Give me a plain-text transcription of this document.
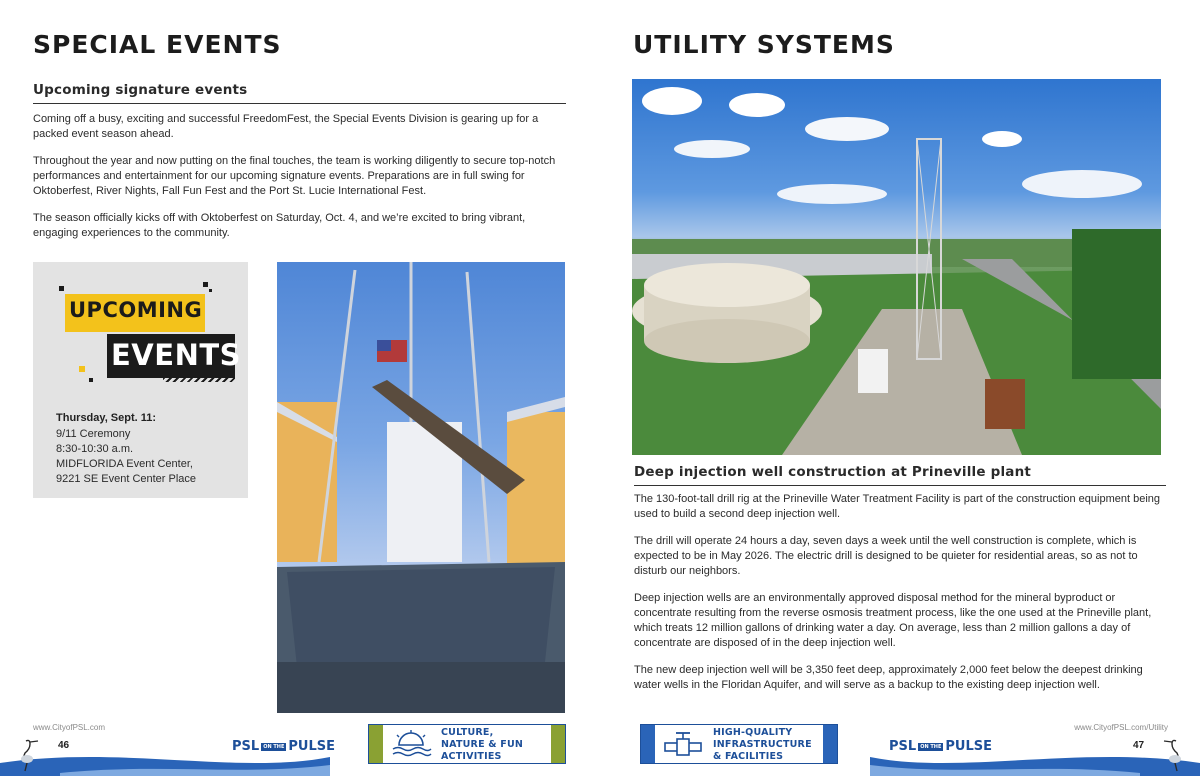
SPECIAL EVENTS
Upcoming signature events

Coming off a busy, exciting and successful FreedomFest, the Special Events Division is gearing up for a packed event season ahead.

Throughout the year and now putting on the final touches, the team is working diligently to secure top-notch performances and entertainment for our upcoming signature events. Preparations are in full swing for Oktoberfest, River Nights, Fall Fun Fest and the Port St. Lucie International Fest.

The season officially kicks off with Oktoberfest on Saturday, Oct. 4, and we’re excited to bring vibrant, engaging experiences to the community.

UPCOMING
EVENTS
Thursday, Sept. 11:
9/11 Ceremony
8:30-10:30 a.m.
MIDFLORIDA Event Center,
9221 SE Event Center Place
www.CityofPSL.com
46	PSL ON THE PULSE
CULTURE,
NATURE & FUN
ACTIVITIES
UTILITY SYSTEMS
Deep injection well construction at Prineville plant

The 130-foot-tall drill rig at the Prineville Water Treatment Facility is part of the construction equipment being used to build a second deep injection well.

The drill will operate 24 hours a day, seven days a week until the well construction is complete, which is expected to be in May 2026. The electric drill is designed to be quieter for residential areas, so as not to disturb our neighbors.

Deep injection wells are an environmentally approved disposal method for the mineral byproduct or concentrate resulting from the reverse osmosis treatment process, like the one used at the Prineville plant, which treats 12 million gallons of drinking water a day. On average, less than 2 million gallons a day of concentrate are disposed of in the deep injection well.

The new deep injection well will be 3,350 feet deep, approximately 2,000 feet below the deepest drinking water wells in the Floridan Aquifer, and will serve as a backup to the existing deep injection well.

www.CityofPSL.com/Utility
47
PSL ON THE PULSE
HIGH-QUALITY
INFRASTRUCTURE
& FACILITIES
